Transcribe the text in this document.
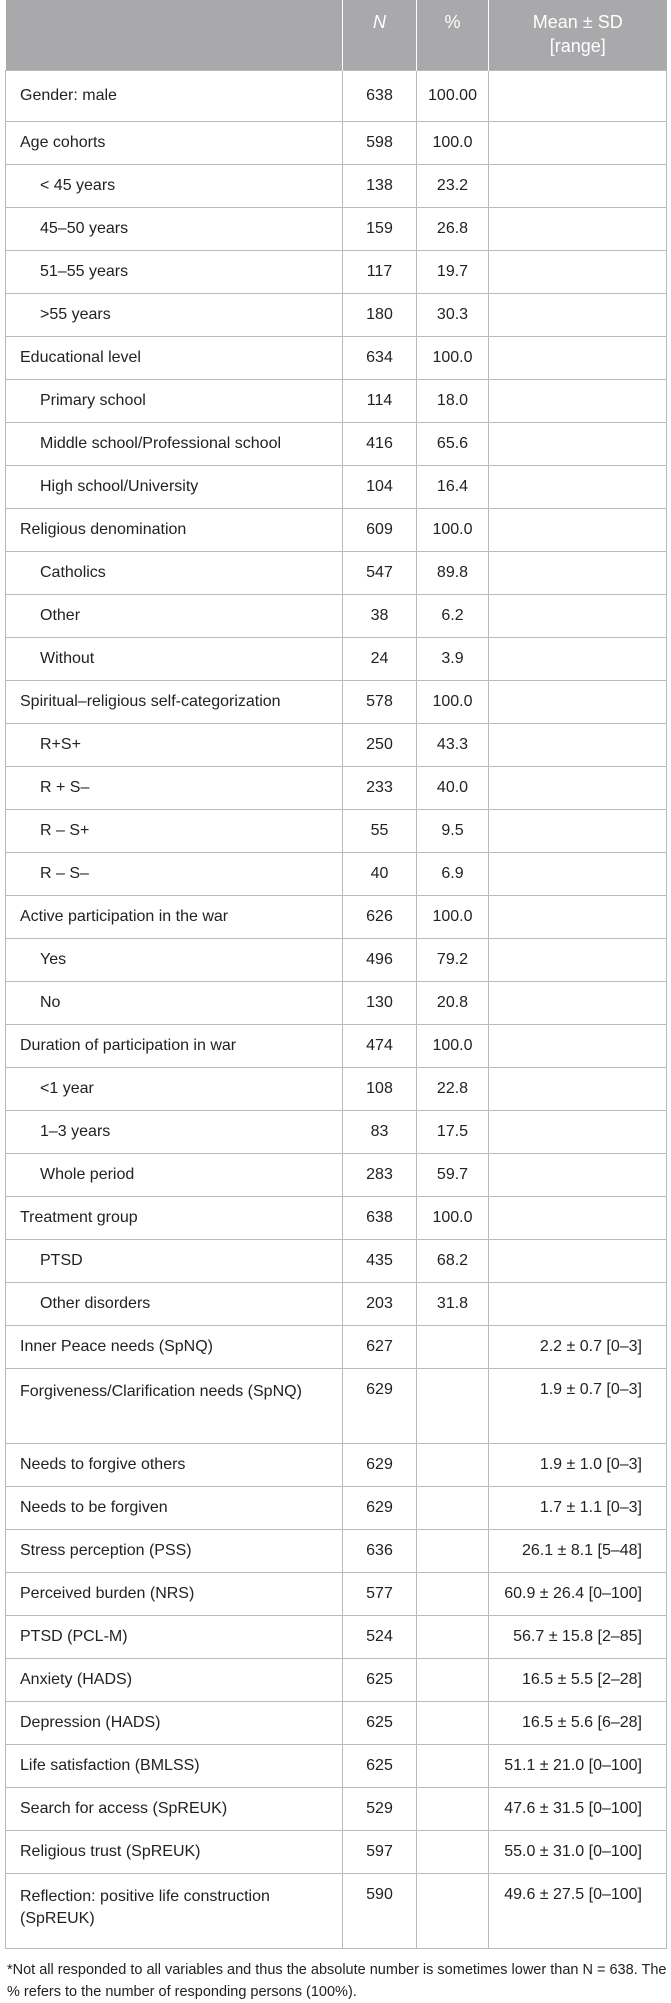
	N	%	Mean ± SD
[range]

Gender: male	638	100.00	
Age cohorts	598	100.0	
< 45 years	138	23.2	
45–50 years	159	26.8	
51–55 years	117	19.7	
>55 years	180	30.3	
Educational level	634	100.0	
Primary school	114	18.0	
Middle school/Professional school	416	65.6	
High school/University	104	16.4	
Religious denomination	609	100.0	
Catholics	547	89.8	
Other	38	6.2	
Without	24	3.9	
Spiritual–religious self-categorization	578	100.0	
R+S+	250	43.3	
R + S–	233	40.0	
R – S+	55	9.5	
R – S–	40	6.9	
Active participation in the war	626	100.0	
Yes	496	79.2	
No	130	20.8	
Duration of participation in war	474	100.0	
<1 year	108	22.8	
1–3 years	83	17.5	
Whole period	283	59.7	
Treatment group	638	100.0	
PTSD	435	68.2	
Other disorders	203	31.8	
Inner Peace needs (SpNQ)	627		2.2 ± 0.7 [0–3]
Forgiveness/Clarification needs (SpNQ)	629		1.9 ± 0.7 [0–3]
Needs to forgive others	629		1.9 ± 1.0 [0–3]
Needs to be forgiven	629		1.7 ± 1.1 [0–3]
Stress perception (PSS)	636		26.1 ± 8.1 [5–48]
Perceived burden (NRS)	577		60.9 ± 26.4 [0–100]
PTSD (PCL-M)	524		56.7 ± 15.8 [2–85]
Anxiety (HADS)	625		16.5 ± 5.5 [2–28]
Depression (HADS)	625		16.5 ± 5.6 [6–28]
Life satisfaction (BMLSS)	625		51.1 ± 21.0 [0–100]
Search for access (SpREUK)	529		47.6 ± 31.5 [0–100]
Religious trust (SpREUK)	597		55.0 ± 31.0 [0–100]
Reflection: positive life construction (SpREUK)	590		49.6 ± 27.5 [0–100]
*Not all responded to all variables and thus the absolute number is sometimes lower than N = 638. The % refers to the number of responding persons (100%).
